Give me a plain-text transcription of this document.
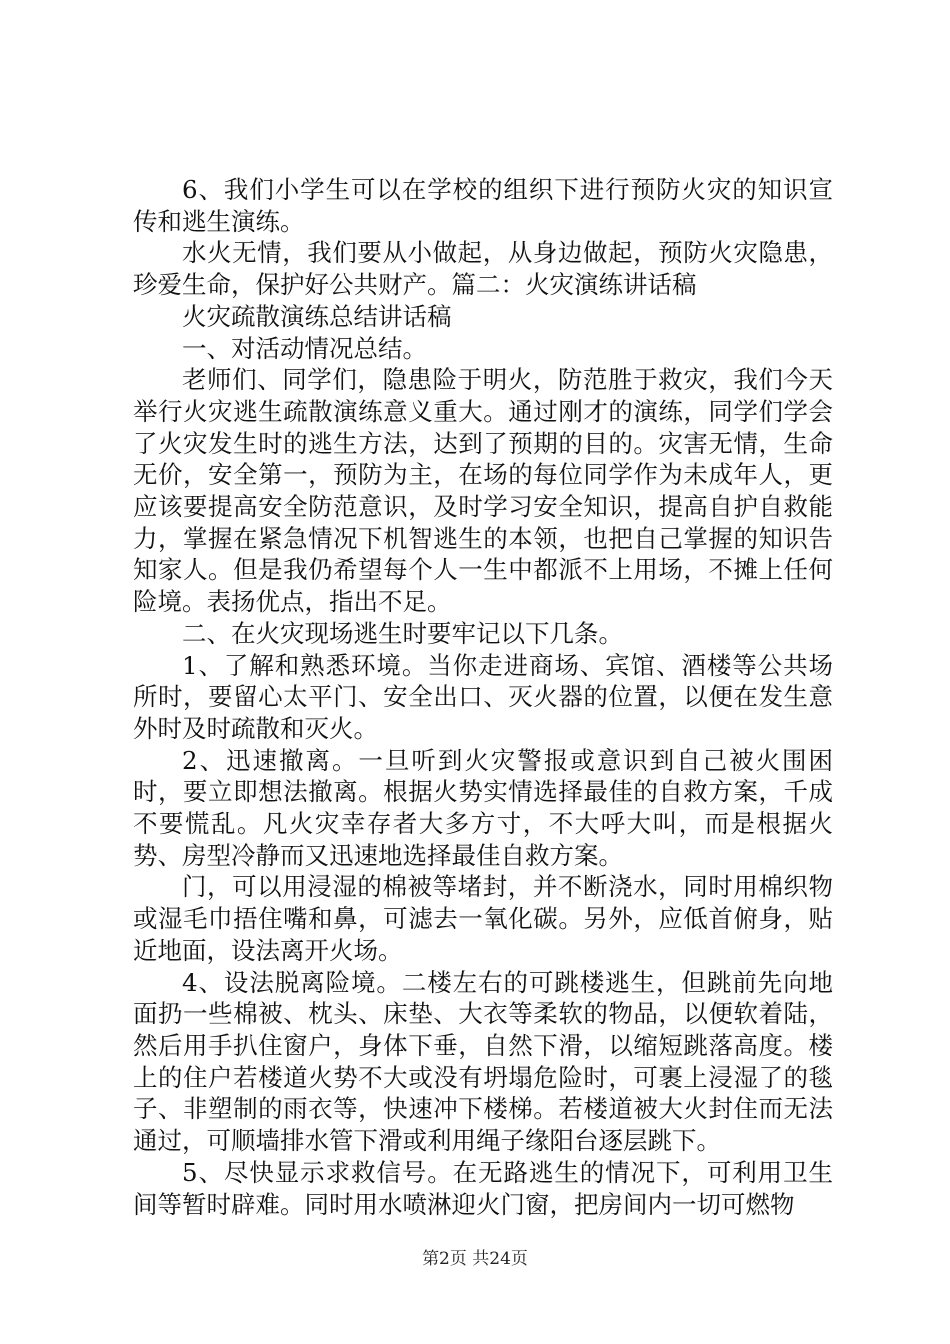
6、我们小学生可以在学校的组织下进行预防火灾的知识宣传和逃生演练。

水火无情，我们要从小做起，从身边做起，预防火灾隐患，珍爱生命，保护好公共财产。篇二：火灾演练讲话稿

火灾疏散演练总结讲话稿

一、对活动情况总结。

老师们、同学们，隐患险于明火，防范胜于救灾，我们今天举行火灾逃生疏散演练意义重大。通过刚才的演练，同学们学会了火灾发生时的逃生方法，达到了预期的目的。灾害无情，生命无价，安全第一，预防为主，在场的每位同学作为未成年人，更应该要提高安全防范意识，及时学习安全知识，提高自护自救能力，掌握在紧急情况下机智逃生的本领，也把自己掌握的知识告知家人。但是我仍希望每个人一生中都派不上用场，不摊上任何险境。表扬优点，指出不足。

二、在火灾现场逃生时要牢记以下几条。

1、了解和熟悉环境。当你走进商场、宾馆、酒楼等公共场所时，要留心太平门、安全出口、灭火器的位置，以便在发生意外时及时疏散和灭火。

2、迅速撤离。一旦听到火灾警报或意识到自己被火围困时，要立即想法撤离。根据火势实情选择最佳的自救方案，千成不要慌乱。凡火灾幸存者大多方寸，不大呼大叫，而是根据火势、房型冷静而又迅速地选择最佳自救方案。

门，可以用浸湿的棉被等堵封，并不断浇水，同时用棉织物或湿毛巾捂住嘴和鼻，可滤去一氧化碳。另外，应低首俯身，贴近地面，设法离开火场。

4、设法脱离险境。二楼左右的可跳楼逃生，但跳前先向地面扔一些棉被、枕头、床垫、大衣等柔软的物品，以便软着陆，然后用手扒住窗户，身体下垂，自然下滑，以缩短跳落高度。楼上的住户若楼道火势不大或没有坍塌危险时，可裹上浸湿了的毯子、非塑制的雨衣等，快速冲下楼梯。若楼道被大火封住而无法通过，可顺墙排水管下滑或利用绳子缘阳台逐层跳下。

5、尽快显示求救信号。在无路逃生的情况下，可利用卫生间等暂时辟难。同时用水喷淋迎火门窗，把房间内一切可燃物

第2页 共24页
